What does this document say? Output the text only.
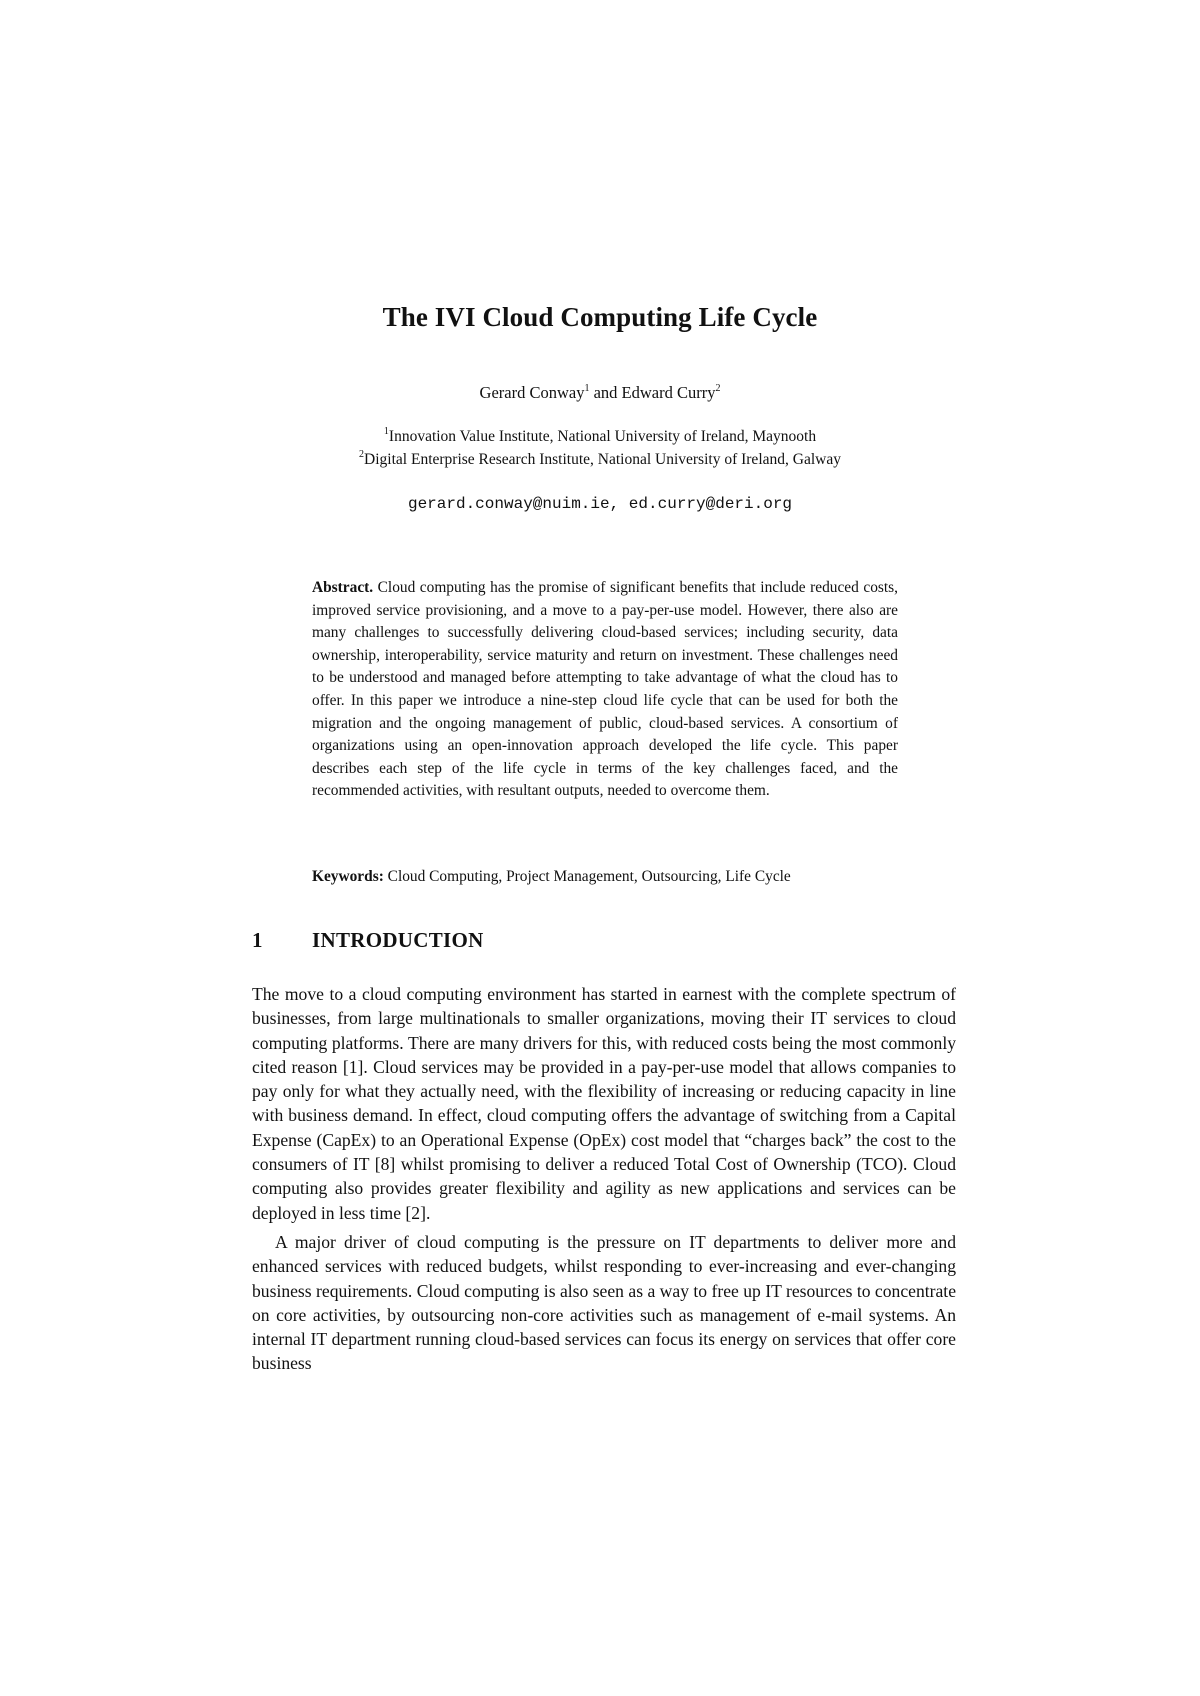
The IVI Cloud Computing Life Cycle
Gerard Conway$^1$ and Edward Curry$^2$
$^1$Innovation Value Institute, National University of Ireland, Maynooth
$^2$Digital Enterprise Research Institute, National University of Ireland, Galway
gerard.conway@nuim.ie, ed.curry@deri.org
Abstract. Cloud computing has the promise of significant benefits that include reduced costs, improved service provisioning, and a move to a pay-per-use model. However, there also are many challenges to successfully delivering cloud-based services; including security, data ownership, interoperability, service maturity and return on investment. These challenges need to be understood and managed before attempting to take advantage of what the cloud has to offer. In this paper we introduce a nine-step cloud life cycle that can be used for both the migration and the ongoing management of public, cloud-based services. A consortium of organizations using an open-innovation approach developed the life cycle. This paper describes each step of the life cycle in terms of the key challenges faced, and the recommended activities, with resultant outputs, needed to overcome them.
Keywords: Cloud Computing, Project Management, Outsourcing, Life Cycle
1 INTRODUCTION

The move to a cloud computing environment has started in earnest with the complete spectrum of businesses, from large multinationals to smaller organizations, moving their IT services to cloud computing platforms. There are many drivers for this, with reduced costs being the most commonly cited reason [1]. Cloud services may be provided in a pay-per-use model that allows companies to pay only for what they actually need, with the flexibility of increasing or reducing capacity in line with business demand. In effect, cloud computing offers the advantage of switching from a Capital Expense (CapEx) to an Operational Expense (OpEx) cost model that “charges back” the cost to the consumers of IT [8] whilst promising to deliver a reduced Total Cost of Ownership (TCO). Cloud computing also provides greater flexibility and agility as new applications and services can be deployed in less time [2].

A major driver of cloud computing is the pressure on IT departments to deliver more and enhanced services with reduced budgets, whilst responding to ever-increasing and ever-changing business requirements. Cloud computing is also seen as a way to free up IT resources to concentrate on core activities, by outsourcing non-core activities such as management of e-mail systems. An internal IT department running cloud-based services can focus its energy on services that offer core business
